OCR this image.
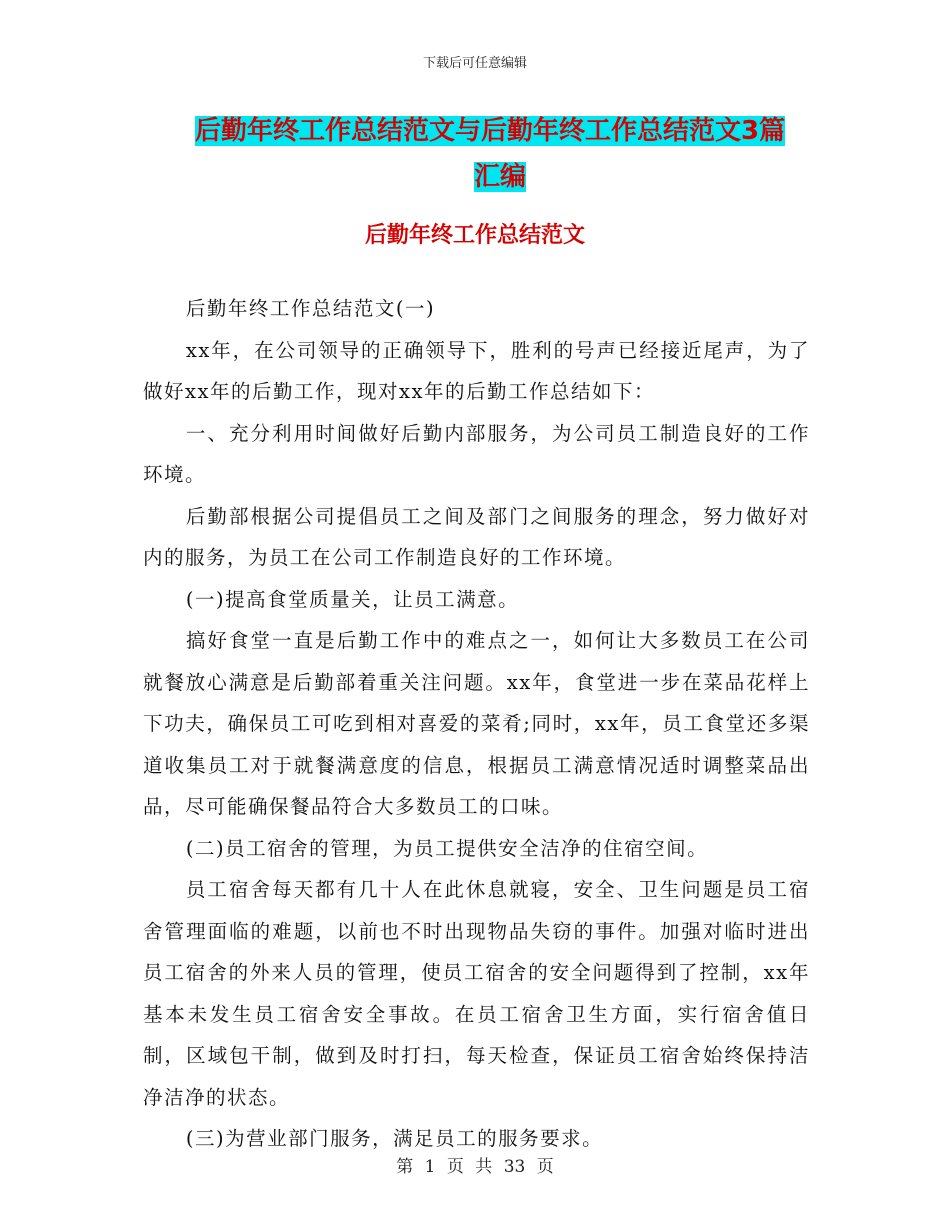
下载后可任意编辑
后勤年终工作总结范文与后勤年终工作总结范文3篇

汇编
后勤年终工作总结范文

后勤年终工作总结范文(一)

xx年，在公司领导的正确领导下，胜利的号声已经接近尾声，为了做好xx年的后勤工作，现对xx年的后勤工作总结如下：

一、充分利用时间做好后勤内部服务，为公司员工制造良好的工作环境。

后勤部根据公司提倡员工之间及部门之间服务的理念，努力做好对内的服务，为员工在公司工作制造良好的工作环境。

(一)提高食堂质量关，让员工满意。

搞好食堂一直是后勤工作中的难点之一，如何让大多数员工在公司就餐放心满意是后勤部着重关注问题。xx年，食堂进一步在菜品花样上下功夫，确保员工可吃到相对喜爱的菜肴;同时，xx年，员工食堂还多渠道收集员工对于就餐满意度的信息，根据员工满意情况适时调整菜品出品，尽可能确保餐品符合大多数员工的口味。

(二)员工宿舍的管理，为员工提供安全洁净的住宿空间。

员工宿舍每天都有几十人在此休息就寝，安全、卫生问题是员工宿舍管理面临的难题，以前也不时出现物品失窃的事件。加强对临时进出员工宿舍的外来人员的管理，使员工宿舍的安全问题得到了控制，xx年基本未发生员工宿舍安全事故。在员工宿舍卫生方面，实行宿舍值日制，区域包干制，做到及时打扫，每天检查，保证员工宿舍始终保持洁净洁净的状态。

(三)为营业部门服务，满足员工的服务要求。

第 1 页 共 33 页
